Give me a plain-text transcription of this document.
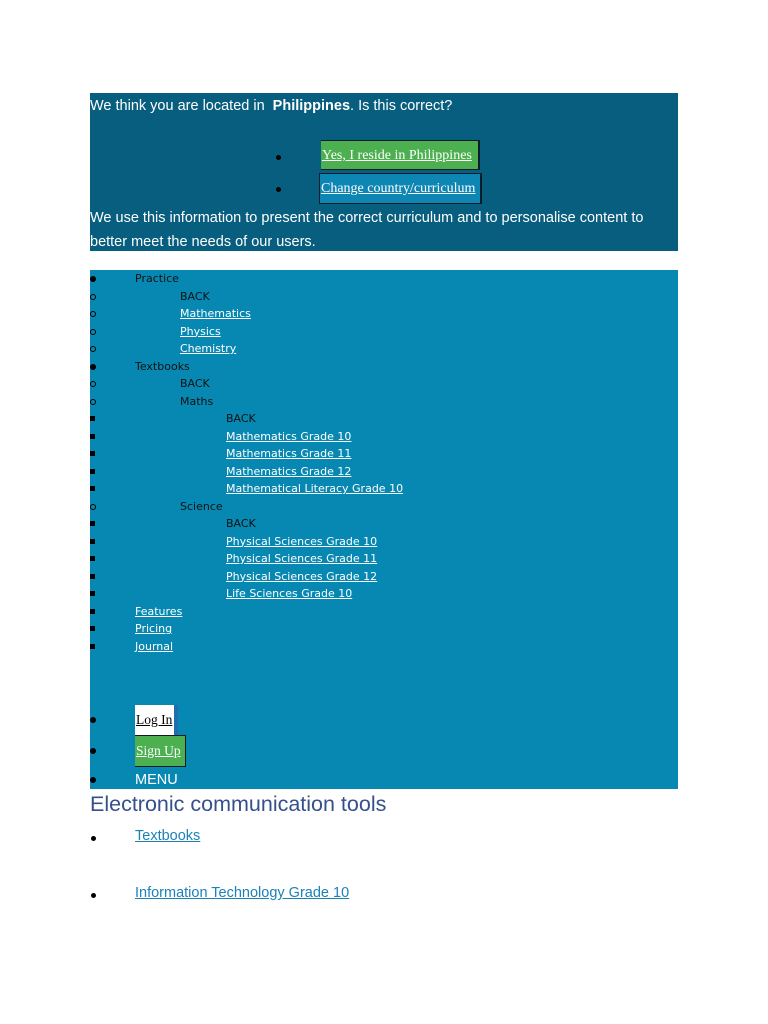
We think you are located in Philippines. Is this correct?
Yes, I reside in Philippines
Change country/curriculum
We use this information to present the correct curriculum and to personalise content to better meet the needs of our users.
Practice
BACK
Mathematics
Physics
Chemistry
Textbooks
BACK
Maths
BACK
Mathematics Grade 10
Mathematics Grade 11
Mathematics Grade 12
Mathematical Literacy Grade 10
Science
BACK
Physical Sciences Grade 10
Physical Sciences Grade 11
Physical Sciences Grade 12
Life Sciences Grade 10
Features
Pricing
Journal
Log In
Sign Up
MENU
Electronic communication tools
Textbooks
Information Technology Grade 10
